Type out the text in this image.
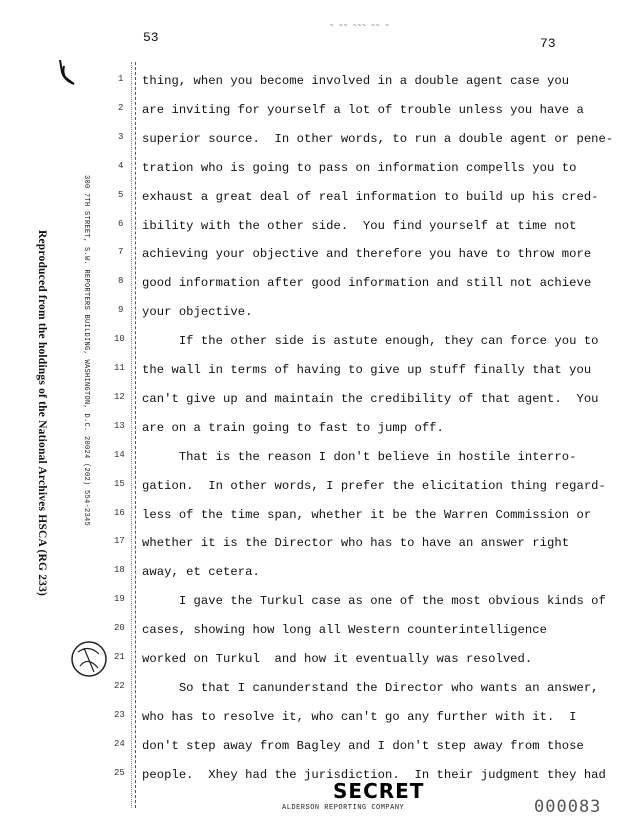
53
~ ~~ ~~~ ~~ ~
73
Reproduced from the holdings of the National Archives HSCA (RG 233)	300 7TH STREET, S.W. REPORTERS BUILDING, WASHINGTON, D.C. 20024 (202) 554-2345
1
2
3
4
5
6
7
8
9
10
11
12
13
14
15
16
17
18
19
20
21
22
23
24
25
thing, when you become involved in a double agent case you
are inviting for yourself a lot of trouble unless you have a
superior source.  In other words, to run a double agent or pene-
tration who is going to pass on information compells you to
exhaust a great deal of real information to build up his cred-
ibility with the other side.  You find yourself at time not
achieving your objective and therefore you have to throw more
good information after good information and still not achieve
your objective.
If the other side is astute enough, they can force you to
the wall in terms of having to give up stuff finally that you
can't give up and maintain the credibility of that agent.  You
are on a train going to fast to jump off.
That is the reason I don't believe in hostile interro-
gation.  In other words, I prefer the elicitation thing regard-
less of the time span, whether it be the Warren Commission or
whether it is the Director who has to have an answer right
away, et cetera.
I gave the Turkul case as one of the most obvious kinds of
cases, showing how long all Western counterintelligence
worked on Turkul  and how it eventually was resolved.
So that I canunderstand the Director who wants an answer,
who has to resolve it, who can't go any further with it.  I
don't step away from Bagley and I don't step away from those
people.  Xhey had the jurisdiction.  In their judgment they had
SECRET
ALDERSON REPORTING COMPANY	000083
